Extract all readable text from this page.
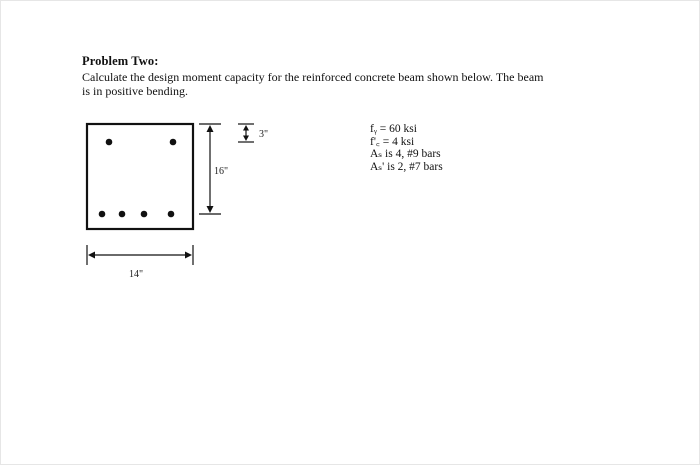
Problem Two:
Calculate the design moment capacity for the reinforced concrete beam shown below. The beam
is in positive bending.
16"
3"
14"
fᵧ = 60 ksi
f'꜀ = 4 ksi
Aₛ is 4, #9 bars
Aₛ' is 2, #7 bars
